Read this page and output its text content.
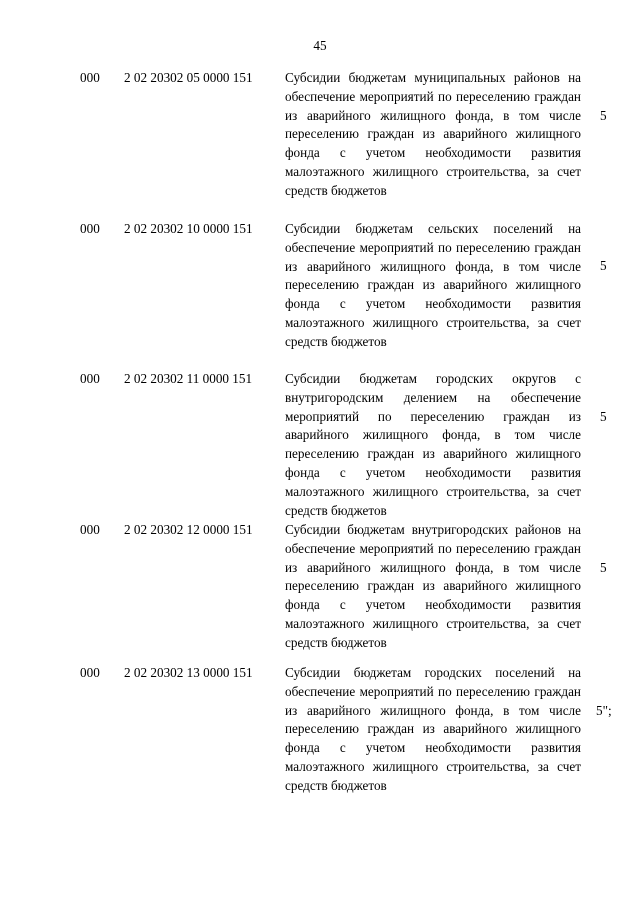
45
000 2 02 20302 05 0000 151 Субсидии бюджетам муниципальных районов на обеспечение мероприятий по переселению граждан из аварийного жилищного фонда, в том числе переселению граждан из аварийного жилищного фонда с учетом необходимости развития малоэтажного жилищного строительства, за счет средств бюджетов
5
000 2 02 20302 10 0000 151 Субсидии бюджетам сельских поселений на обеспечение мероприятий по переселению граждан из аварийного жилищного фонда, в том числе переселению граждан из аварийного жилищного фонда с учетом необходимости развития малоэтажного жилищного строительства, за счет средств бюджетов
5
000 2 02 20302 11 0000 151 Субсидии бюджетам городских округов с внутригородским делением на обеспечение мероприятий по переселению граждан из аварийного жилищного фонда, в том числе переселению граждан из аварийного жилищного фонда с учетом необходимости развития малоэтажного жилищного строительства, за счет средств бюджетов
5
000 2 02 20302 12 0000 151 Субсидии бюджетам внутригородских районов на обеспечение мероприятий по переселению граждан из аварийного жилищного фонда, в том числе переселению граждан из аварийного жилищного фонда с учетом необходимости развития малоэтажного жилищного строительства, за счет средств бюджетов
5
000 2 02 20302 13 0000 151 Субсидии бюджетам городских поселений на обеспечение мероприятий по переселению граждан из аварийного жилищного фонда, в том числе переселению граждан из аварийного жилищного фонда с учетом необходимости развития малоэтажного жилищного строительства, за счет средств бюджетов
5";
